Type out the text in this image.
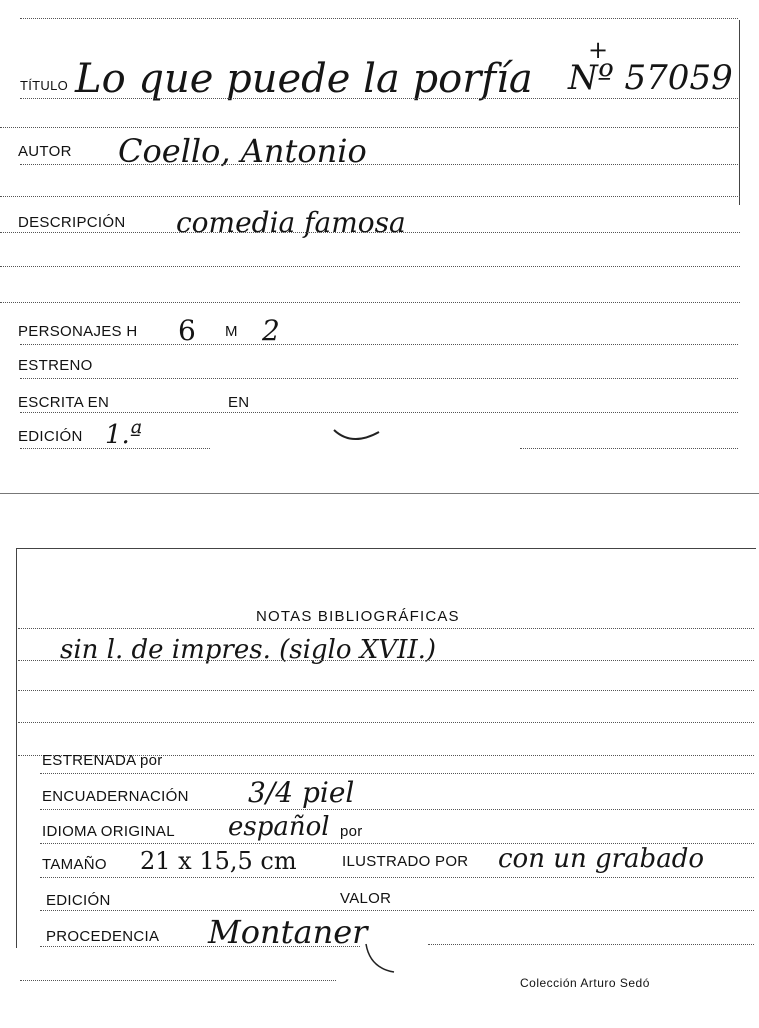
TÍTULO Lo que puede la porfía
+
Nº 57059
AUTOR Coello, Antonio
DESCRIPCIÓN comedia famosa
PERSONAJES H 6 M 2
ESTRENO
ESCRITA EN	EN
EDICIÓN 1.ª
NOTAS BIBLIOGRÁFICAS
sin l. de impres. (siglo XVII.)
ESTRENADA por
ENCUADERNACIÓN 3/4 piel
IDIOMA ORIGINAL español por
TAMAÑO 21 x 15,5 cm	ILUSTRADO POR con un grabado
EDICIÓN	VALOR
PROCEDENCIA Montaner
Colección Arturo Sedó
